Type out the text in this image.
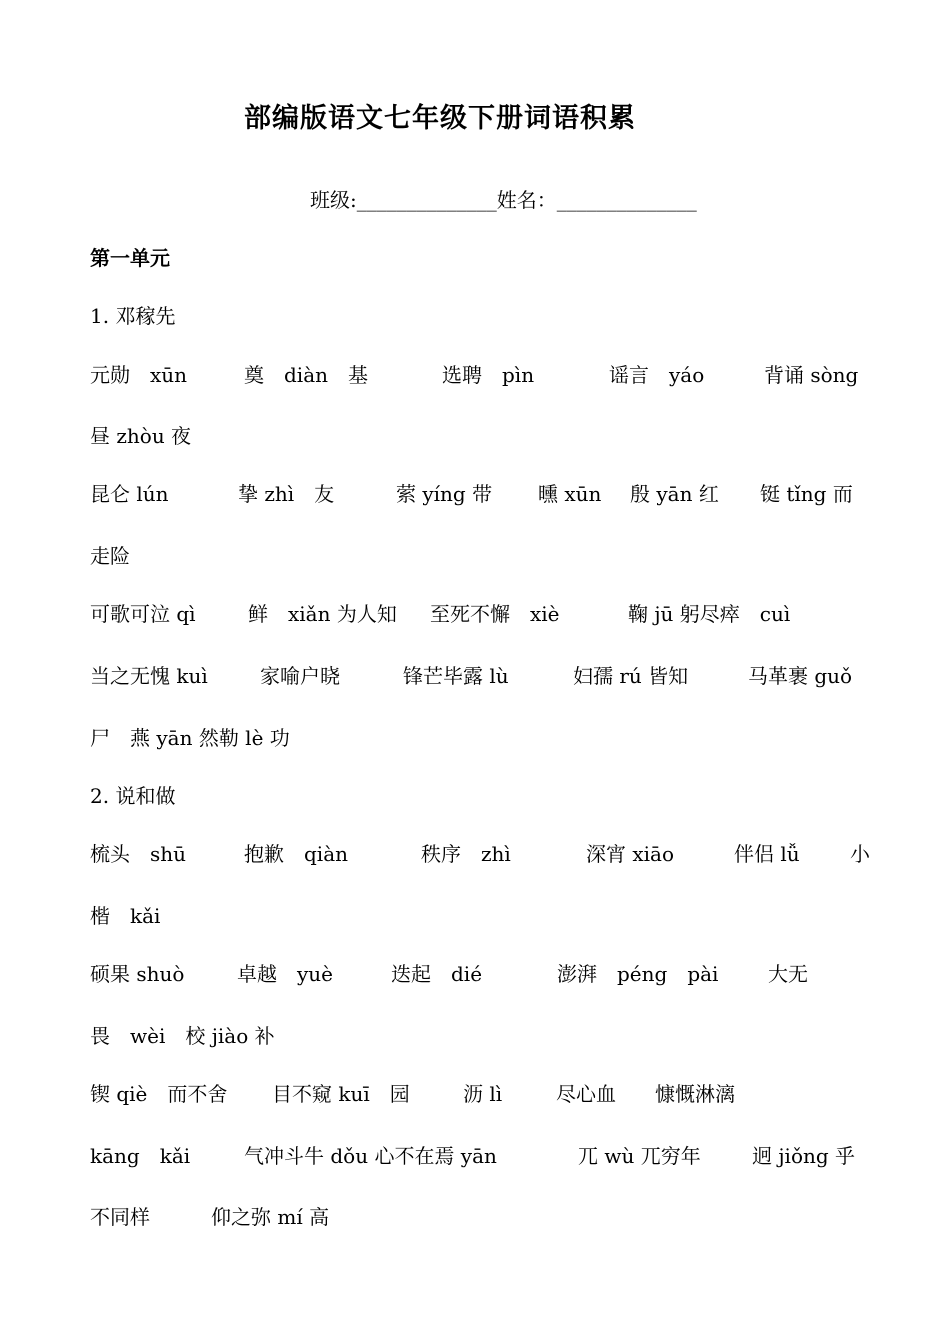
部编版语文七年级下册词语积累
班级:______________姓名：______________
第一单元
1. 邓稼先
元勋　xūn	奠　diàn　基	选聘　pìn	谣言　yáo	背诵 sòng
昼 zhòu 夜
昆仑 lún	挚 zhì　友	萦 yíng 带 曛 xūn 殷 yān 红 铤 tǐng 而
走险
可歌可泣 qì	鲜　xiǎn 为人知 至死不懈　xiè	鞠 jū 躬尽瘁　cuì
当之无愧 kuì	家喻户晓	锋芒毕露 lù	妇孺 rú 皆知	马革裹 guǒ
尸　燕 yān 然勒 lè 功
2. 说和做
梳头　shū	抱歉　qiàn	秩序　zhì	深宵 xiāo	伴侣 lǚ	小
楷　kǎi
硕果 shuò	卓越　yuè	迭起　dié	澎湃　péng　pài 大无
畏　wèi　校 jiào 补
锲 qiè　而不舍 目不窥 kuī　园	沥 lì	尽心血 慷慨淋漓
kāng　kǎi	气冲斗牛 dǒu 心不在焉 yān	兀 wù 兀穷年	迥 jiǒng 乎
不同样	仰之弥 mí 高
